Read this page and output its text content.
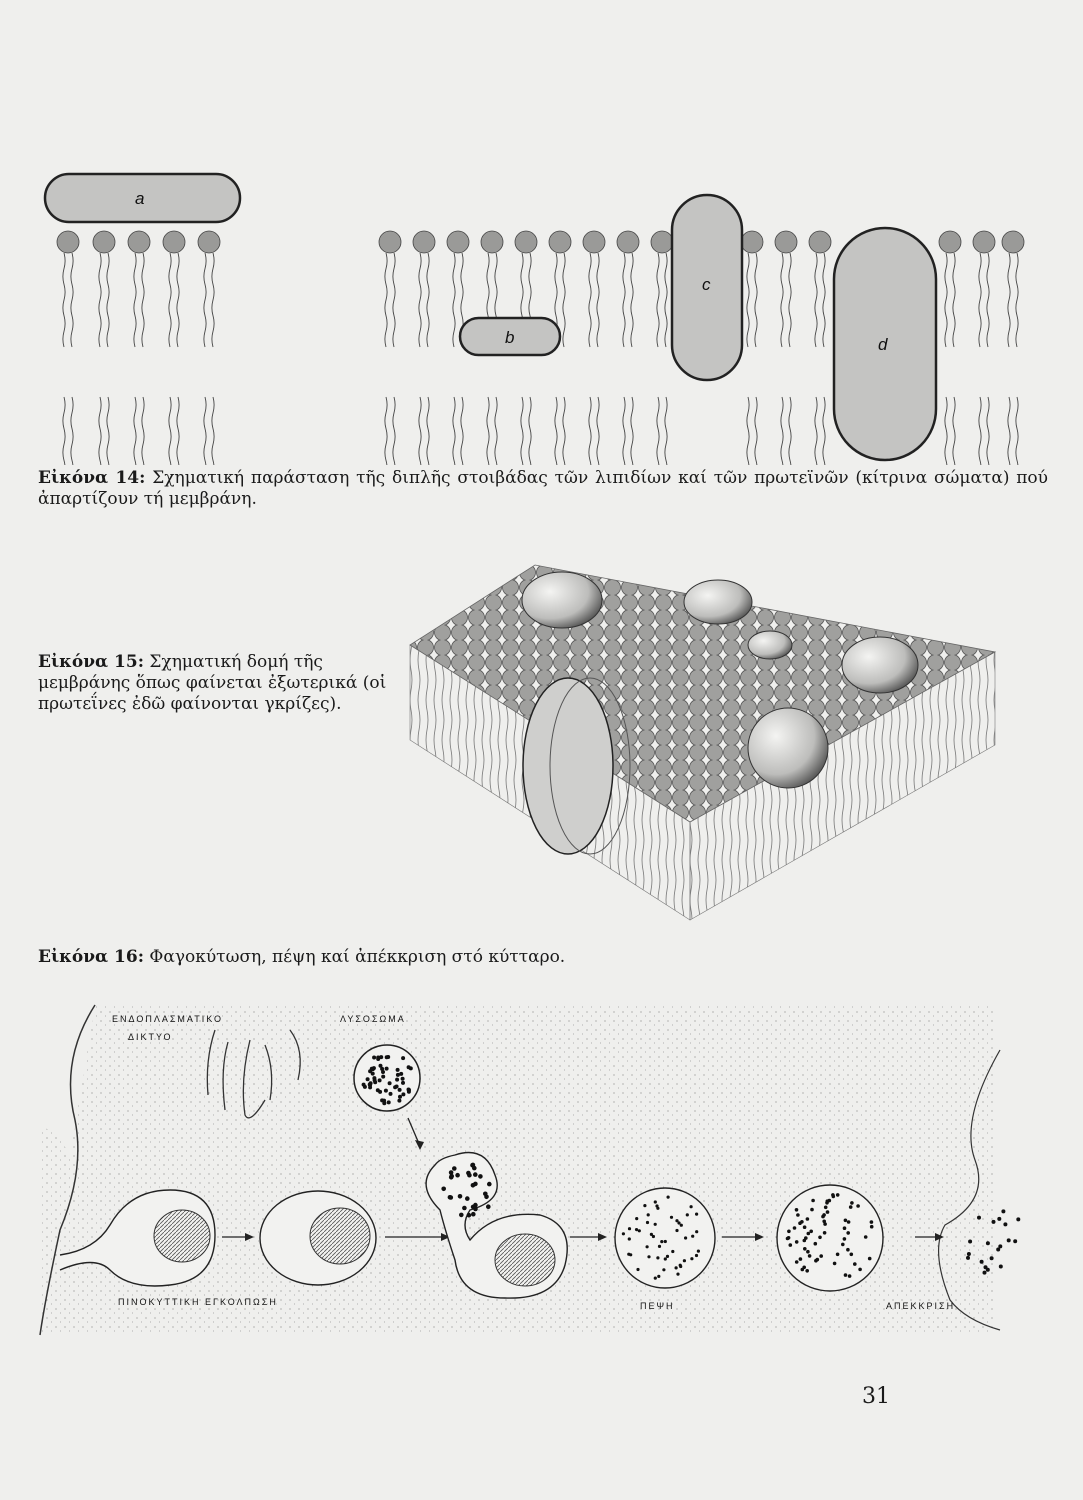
a
b
c
d
Εἰκόνα 14: Σχηματική παράσταση τῆς διπλῆς στοιβάδας τῶν λιπιδίων καί τῶν πρωτεϊνῶν (κίτρινα σώματα) πού ἀπαρτίζουν τή μεμβράνη.
Εἰκόνα 15: Σχηματική δομή τῆς μεμβράνης ὅπως φαίνεται ἐξωτερικά (οἱ πρωτεΐνες ἐδῶ φαίνονται γκρίζες).
Εἰκόνα 16: Φαγοκύτωση, πέψη καί ἀπέκκριση στό κύτταρο.
ΕΝΔΟΠΛΑΣΜΑΤΙΚΟ
ΔΙΚΤΥΟ
ΛΥΣΟΣΩΜΑ
ΠΙΝΟΚΥΤΤΙΚΗ ΕΓΚΟΛΠΩΣΗ	ΠΕΨΗ	ΑΠΕΚΚΡΙΣΗ
31
